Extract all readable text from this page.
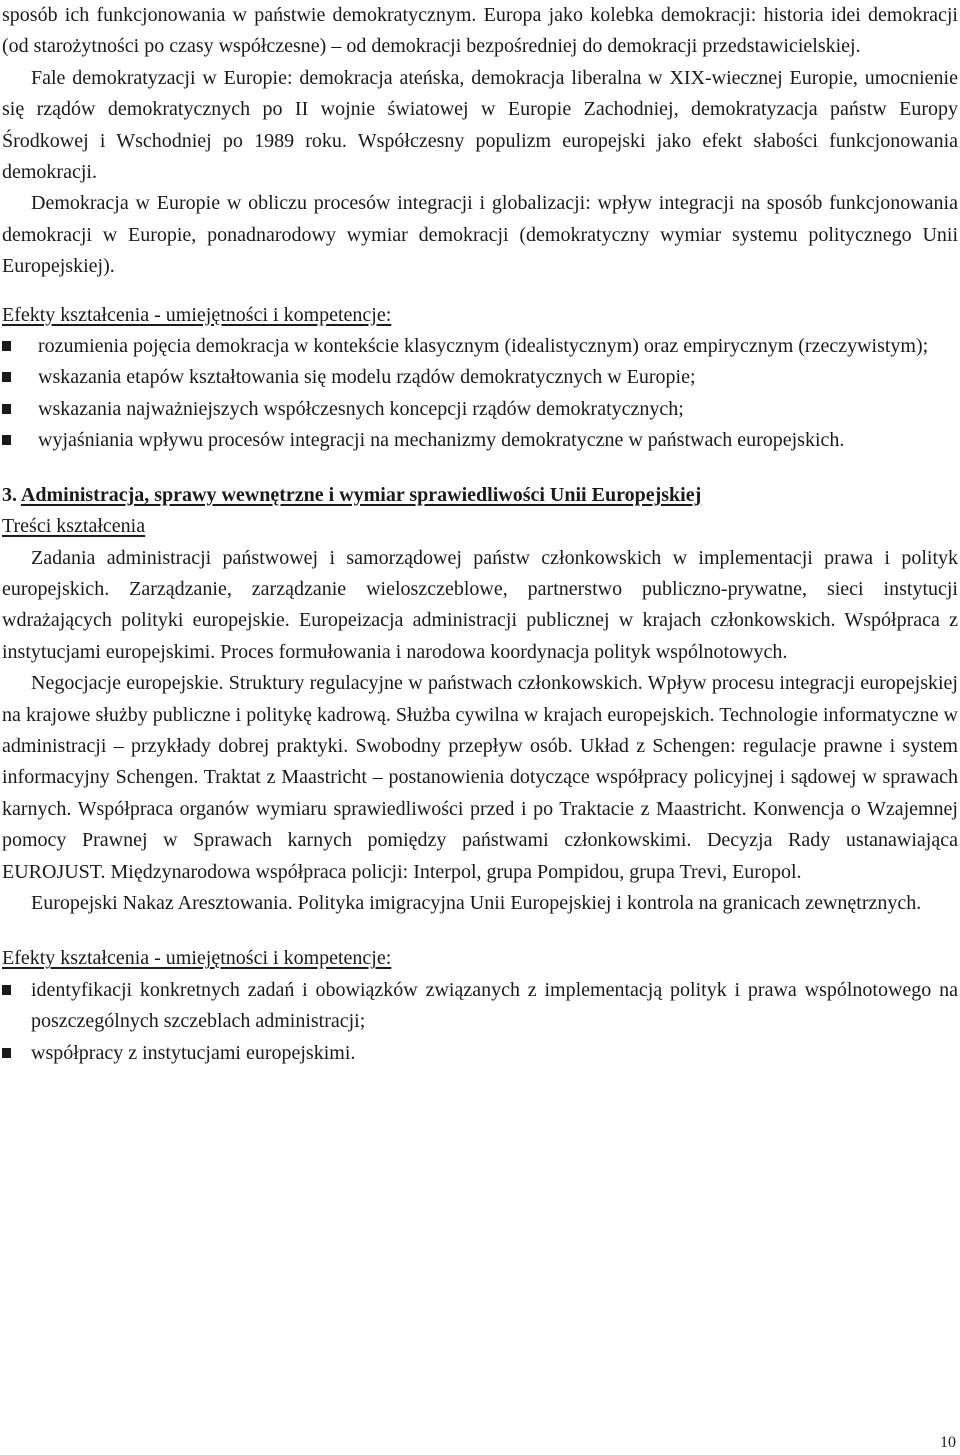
sposób ich funkcjonowania w państwie demokratycznym. Europa jako kolebka demokracji: historia idei demokracji (od starożytności po czasy współczesne) – od demokracji bezpośredniej do demokracji przedstawicielskiej.

Fale demokratyzacji w Europie: demokracja ateńska, demokracja liberalna w XIX-wiecznej Europie, umocnienie się rządów demokratycznych po II wojnie światowej w Europie Zachodniej, demokratyzacja państw Europy Środkowej i Wschodniej po 1989 roku. Współczesny populizm europejski jako efekt słabości funkcjonowania demokracji.

Demokracja w Europie w obliczu procesów integracji i globalizacji: wpływ integracji na sposób funkcjonowania demokracji w Europie, ponadnarodowy wymiar demokracji (demokratyczny wymiar systemu politycznego Unii Europejskiej).

Efekty kształcenia - umiejętności i kompetencje:

rozumienia pojęcia demokracja w kontekście klasycznym (idealistycznym) oraz empirycznym (rzeczywistym);
wskazania etapów kształtowania się modelu rządów demokratycznych w Europie;
wskazania najważniejszych współczesnych koncepcji rządów demokratycznych;
wyjaśniania wpływu procesów integracji na mechanizmy demokratyczne w państwach europejskich.

3. Administracja, sprawy wewnętrzne i wymiar sprawiedliwości Unii Europejskiej

Treści kształcenia

Zadania administracji państwowej i samorządowej państw członkowskich w implementacji prawa i polityk europejskich. Zarządzanie, zarządzanie wieloszczeblowe, partnerstwo publiczno-prywatne, sieci instytucji wdrażających polityki europejskie. Europeizacja administracji publicznej w krajach członkowskich. Współpraca z instytucjami europejskimi. Proces formułowania i narodowa koordynacja polityk wspólnotowych.

Negocjacje europejskie. Struktury regulacyjne w państwach członkowskich. Wpływ procesu integracji europejskiej na krajowe służby publiczne i politykę kadrową. Służba cywilna w krajach europejskich. Technologie informatyczne w administracji – przykłady dobrej praktyki. Swobodny przepływ osób. Układ z Schengen: regulacje prawne i system informacyjny Schengen. Traktat z Maastricht – postanowienia dotyczące współpracy policyjnej i sądowej w sprawach karnych. Współpraca organów wymiaru sprawiedliwości przed i po Traktacie z Maastricht. Konwencja o Wzajemnej pomocy Prawnej w Sprawach karnych pomiędzy państwami członkowskimi. Decyzja Rady ustanawiająca EUROJUST. Międzynarodowa współpraca policji: Interpol, grupa Pompidou, grupa Trevi, Europol.

Europejski Nakaz Aresztowania. Polityka imigracyjna Unii Europejskiej i kontrola na granicach zewnętrznych.

Efekty kształcenia - umiejętności i kompetencje:

identyfikacji konkretnych zadań i obowiązków związanych z implementacją polityk i prawa wspólnotowego na poszczególnych szczeblach administracji;
współpracy z instytucjami europejskimi.
10
